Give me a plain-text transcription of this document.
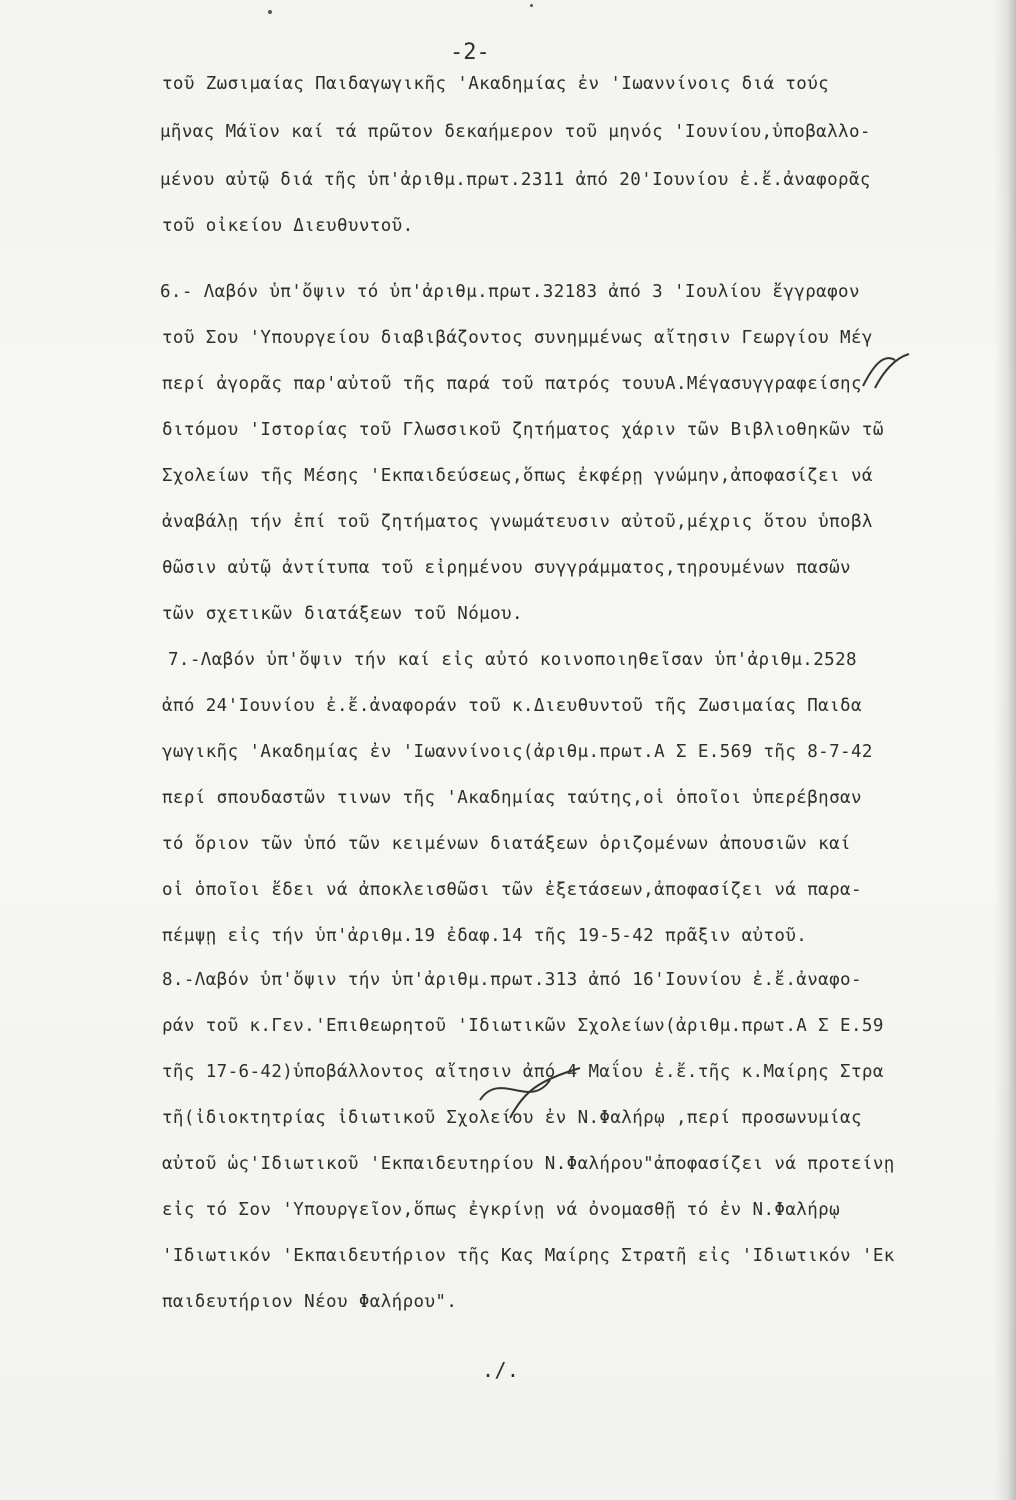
-2-
τοῦ Ζωσιμαίας Παιδαγωγικῆς 'Ακαδημίας ἐν 'Ιωαννίνοις διά τούς
μῆνας Μάϊον καί τά πρῶτον δεκαήμερον τοῦ μηνός 'Ιουνίου,ὑποβαλλο-
μένου αὐτῷ διά τῆς ὑπ'ἀριθμ.πρωτ.2311 ἀπό 20'Ιουνίου ἐ.ἔ.ἀναφορᾶς
τοῦ οἰκείου Διευθυντοῦ.
6.- Λαβόν ὑπ'ὄψιν τό ὑπ'ἀριθμ.πρωτ.32183 ἀπό 3 'Ιουλίου ἔγγραφον
τοῦ Σου 'Υπουργείου διαβιβάζοντος συνημμένως αἴτησιν Γεωργίου Μέγ
περί ἀγορᾶς παρ'αὐτοῦ τῆς παρά τοῦ πατρός τουυΑ.Μέγασυγγραφείσης
διτόμου 'Ιστορίας τοῦ Γλωσσικοῦ ζητήματος χάριν τῶν Βιβλιοθηκῶν τῶ
Σχολείων τῆς Μέσης 'Εκπαιδεύσεως,ὅπως ἐκφέρῃ γνώμην,ἀποφασίζει νά
ἀναβάλῃ τήν ἐπί τοῦ ζητήματος γνωμάτευσιν αὐτοῦ,μέχρις ὅτου ὑποβλ
θῶσιν αὐτῷ ἀντίτυπα τοῦ εἰρημένου συγγράμματος,τηρουμένων πασῶν
τῶν σχετικῶν διατάξεων τοῦ Νόμου.
7.-Λαβόν ὑπ'ὄψιν τήν καί εἰς αὐτό κοινοποιηθεῖσαν ὑπ'ἀριθμ.2528
ἀπό 24'Ιουνίου ἐ.ἔ.ἀναφοράν τοῦ κ.Διευθυντοῦ τῆς Ζωσιμαίας Παιδα
γωγικῆς 'Ακαδημίας ἐν 'Ιωαννίνοις(ἀριθμ.πρωτ.Α Σ Ε.569 τῆς 8-7-42
περί σπουδαστῶν τινων τῆς 'Ακαδημίας ταύτης,οἱ ὁποῖοι ὑπερέβησαν
τό ὅριον τῶν ὑπό τῶν κειμένων διατάξεων ὁριζομένων ἀπουσιῶν καί
οἱ ὁποῖοι ἔδει νά ἀποκλεισθῶσι τῶν ἐξετάσεων,ἀποφασίζει νά παρα-
πέμψῃ εἰς τήν ὑπ'ἀριθμ.19 ἐδαφ.14 τῆς 19-5-42 πρᾶξιν αὐτοῦ.
8.-Λαβόν ὑπ'ὄψιν τήν ὑπ'ἀριθμ.πρωτ.313 ἀπό 16'Ιουνίου ἐ.ἔ.ἀναφο-
ράν τοῦ κ.Γεν.'Επιθεωρητοῦ 'Ιδιωτικῶν Σχολείων(ἀριθμ.πρωτ.Α Σ Ε.59
τῆς 17-6-42)ὑποβάλλοντος αἴτησιν ἀπό 4 Μαΐου ἐ.ἔ.τῆς κ.Μαίρης Στρα
τῆ(ἰδιοκτητρίας ἰδιωτικοῦ Σχολείου ἐν Ν.Φαλήρῳ ,περί προσωνυμίας
αὐτοῦ ὡς'Ιδιωτικοῦ 'Εκπαιδευτηρίου Ν.Φαλήρου"ἀποφασίζει νά προτείνῃ
εἰς τό Σον 'Υπουργεῖον,ὅπως ἐγκρίνῃ νά ὀνομασθῇ τό ἐν Ν.Φαλήρῳ
'Ιδιωτικόν 'Εκπαιδευτήριον τῆς Κας Μαίρης Στρατῆ εἰς 'Ιδιωτικόν 'Εκ
παιδευτήριον Νέου Φαλήρου".
./.
